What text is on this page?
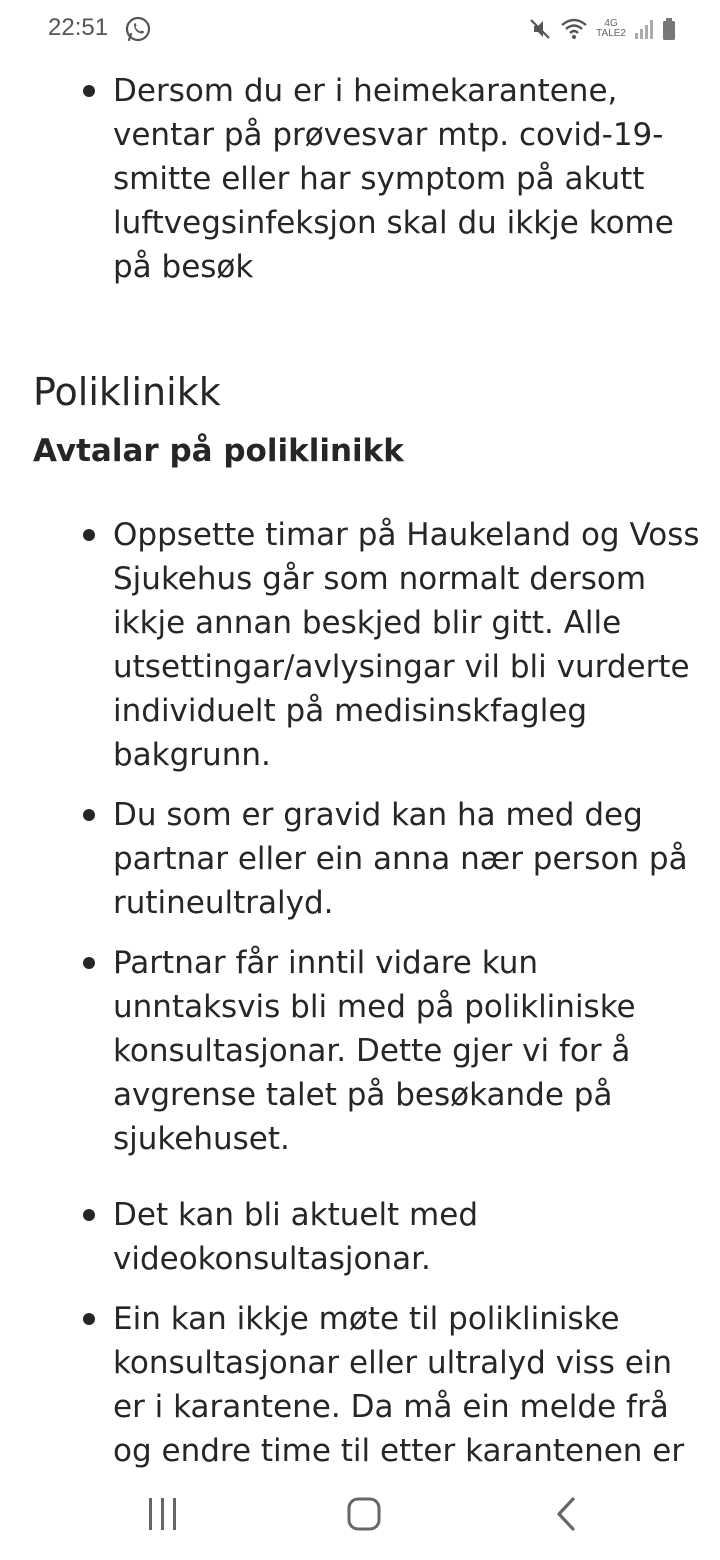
22:51	4G
TALE2
Dersom du er i heimekarantene, ventar på prøvesvar mtp. covid-19-smitte eller har symptom på akutt luftvegsinfeksjon skal du ikkje kome på besøk
Poliklinikk
Avtalar på poliklinikk
Oppsette timar på Haukeland og Voss Sjukehus går som normalt dersom ikkje annan beskjed blir gitt. Alle utsettingar/avlysingar vil bli vurderte individuelt på medisinskfagleg bakgrunn.
Du som er gravid kan ha med deg partnar eller ein anna nær person på rutineultralyd.
Partnar får inntil vidare kun unntaksvis bli med på polikliniske konsultasjonar. Dette gjer vi for å avgrense talet på besøkande på sjukehuset.
Det kan bli aktuelt med videokonsultasjonar.
Ein kan ikkje møte til polikliniske konsultasjonar eller ultralyd viss ein er i karantene. Da må ein melde frå og endre time til etter karantenen er
